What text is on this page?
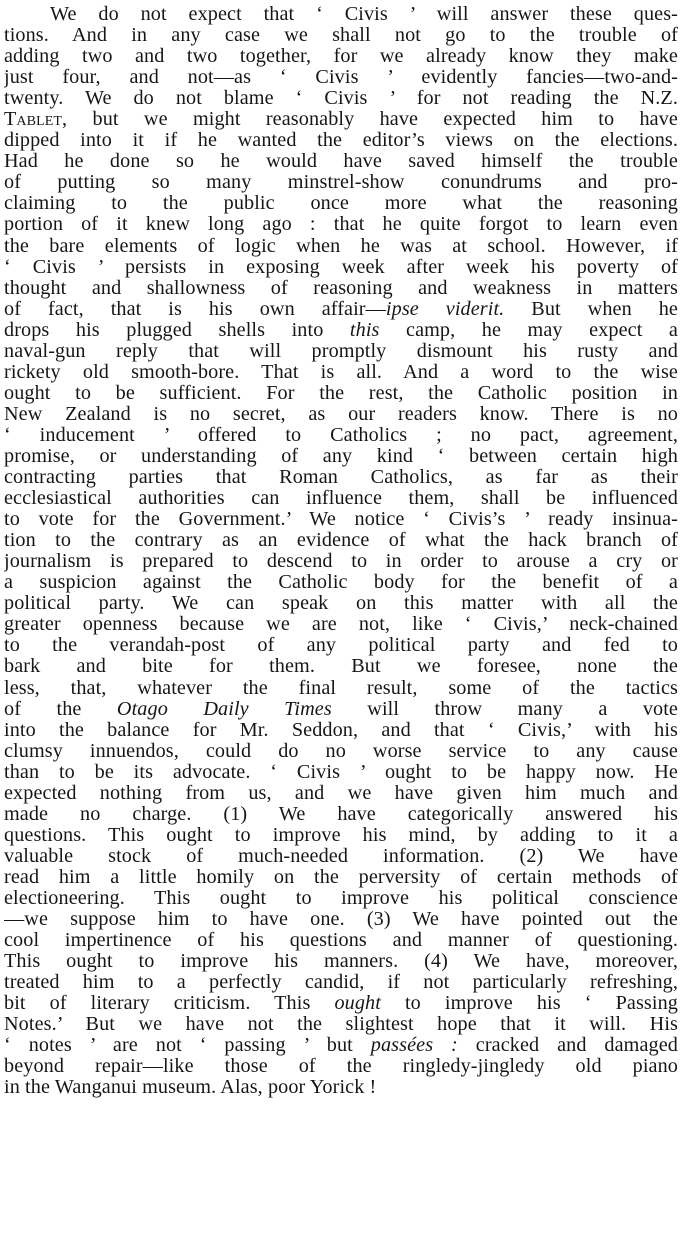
We do not expect that ‘ Civis ’ will answer these ques-
tions. And in any case we shall not go to the trouble of
adding two and two together, for we already know they make
just four, and not—as ‘ Civis ’ evidently fancies—two-and-
twenty. We do not blame ‘ Civis ’ for not reading the N.Z.
Tablet, but we might reasonably have expected him to have
dipped into it if he wanted the editor’s views on the elections.
Had he done so he would have saved himself the trouble
of putting so many minstrel-show conundrums and pro-
claiming to the public once more what the reasoning
portion of it knew long ago : that he quite forgot to learn even
the bare elements of logic when he was at school. However, if
‘ Civis ’ persists in exposing week after week his poverty of
thought and shallowness of reasoning and weakness in matters
of fact, that is his own affair—ipse viderit. But when he
drops his plugged shells into this camp, he may expect a
naval-gun reply that will promptly dismount his rusty and
rickety old smooth-bore. That is all. And a word to the wise
ought to be sufficient. For the rest, the Catholic position in
New Zealand is no secret, as our readers know. There is no
‘ inducement ’ offered to Catholics ; no pact, agreement,
promise, or understanding of any kind ‘ between certain high
contracting parties that Roman Catholics, as far as their
ecclesiastical authorities can influence them, shall be influenced
to vote for the Government.’ We notice ‘ Civis’s ’ ready insinua-
tion to the contrary as an evidence of what the hack branch of
journalism is prepared to descend to in order to arouse a cry or
a suspicion against the Catholic body for the benefit of a
political party. We can speak on this matter with all the
greater openness because we are not, like ‘ Civis,’ neck-chained
to the verandah-post of any political party and fed to
bark and bite for them. But we foresee, none the
less, that, whatever the final result, some of the tactics
of the Otago Daily Times will throw many a vote
into the balance for Mr. Seddon, and that ‘ Civis,’ with his
clumsy innuendos, could do no worse service to any cause
than to be its advocate. ‘ Civis ’ ought to be happy now. He
expected nothing from us, and we have given him much and
made no charge. (1) We have categorically answered his
questions. This ought to improve his mind, by adding to it a
valuable stock of much-needed information. (2) We have
read him a little homily on the perversity of certain methods of
electioneering. This ought to improve his political conscience
—we suppose him to have one. (3) We have pointed out the
cool impertinence of his questions and manner of questioning.
This ought to improve his manners. (4) We have, moreover,
treated him to a perfectly candid, if not particularly refreshing,
bit of literary criticism. This ought to improve his ‘ Passing
Notes.’ But we have not the slightest hope that it will. His
‘ notes ’ are not ‘ passing ’ but passées : cracked and damaged
beyond repair—like those of the ringledy-jingledy old piano
in the Wanganui museum. Alas, poor Yorick !
